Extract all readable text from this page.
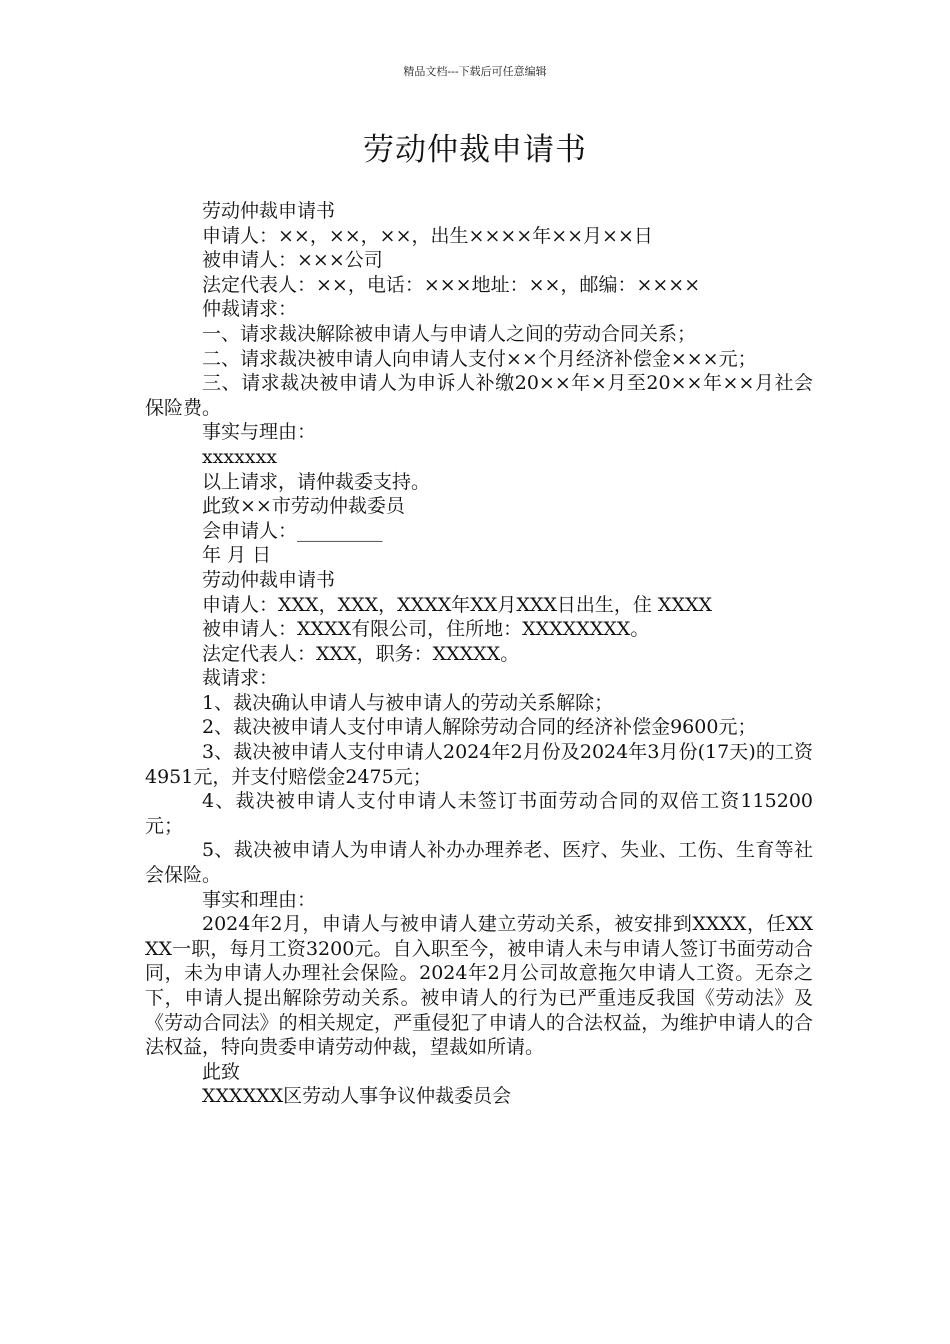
精品文档---下载后可任意编辑
劳动仲裁申请书

劳动仲裁申请书

申请人：××，××，××，出生××××年××月××日

被申请人：×××公司

法定代表人：××，电话：×××地址：××，邮编：××××

仲裁请求：

一、请求裁决解除被申请人与申请人之间的劳动合同关系；

二、请求裁决被申请人向申请人支付××个月经济补偿金×××元；

三、请求裁决被申请人为申诉人补缴20××年×月至20××年××月社会保险费。

事实与理由：

xxxxxxx

以上请求，请仲裁委支持。

此致××市劳动仲裁委员

会申请人：_________

年 月 日

劳动仲裁申请书

申请人：XXX，XXX，XXXX年XX月XXX日出生，住 XXXX

被申请人：XXXX有限公司，住所地：XXXXXXXX。

法定代表人：XXX，职务：XXXXX。

裁请求：

1、裁决确认申请人与被申请人的劳动关系解除；

2、裁决被申请人支付申请人解除劳动合同的经济补偿金9600元；

3、裁决被申请人支付申请人2024年2月份及2024年3月份(17天)的工资4951元，并支付赔偿金2475元；

4、裁决被申请人支付申请人未签订书面劳动合同的双倍工资115200元；

5、裁决被申请人为申请人补办办理养老、医疗、失业、工伤、生育等社会保险。

事实和理由：

2024年2月，申请人与被申请人建立劳动关系，被安排到XXXX，任XXXX一职，每月工资3200元。自入职至今，被申请人未与申请人签订书面劳动合同，未为申请人办理社会保险。2024年2月公司故意拖欠申请人工资。无奈之下，申请人提出解除劳动关系。被申请人的行为已严重违反我国《劳动法》及《劳动合同法》的相关规定，严重侵犯了申请人的合法权益，为维护申请人的合法权益，特向贵委申请劳动仲裁，望裁如所请。

此致

XXXXXX区劳动人事争议仲裁委员会
